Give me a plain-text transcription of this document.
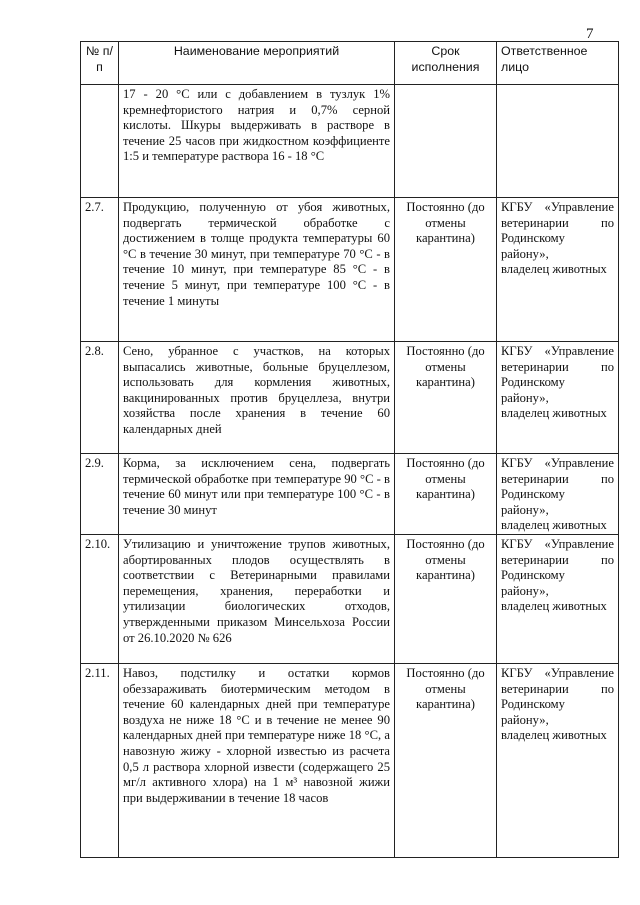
7
№ п/п	Наименование мероприятий	Срок исполнения	Ответственное лицо
	17 - 20 °С или с добавлением в тузлук 1% кремнефтористого натрия и 0,7% серной кислоты. Шкуры выдерживать в растворе в течение 25 часов при жидкостном коэффициенте 1:5 и температуре раствора 16 - 18 °С		

2.7.	Продукцию, полученную от убоя животных, подвергать термической обработке с достижением в толще продукта температуры 60 °С в течение 30 минут, при температуре 70 °С - в течение 10 минут, при температуре 85 °С - в течение 5 минут, при температуре 100 °С - в течение 1 минуты	Постоянно (до отмены карантина)	КГБУ «Управление ветеринарии по Родинскому району»,
владелец животных

2.8.	Сено, убранное с участков, на которых выпасались животные, больные бруцеллезом, использовать для кормления животных, вакцинированных против бруцеллеза, внутри хозяйства после хранения в течение 60 календарных дней	Постоянно (до отмены карантина)	КГБУ «Управление ветеринарии по Родинскому району»,
владелец животных

2.9.	Корма, за исключением сена, подвергать термической обработке при температуре 90 °С - в течение 60 минут или при температуре 100 °С - в течение 30 минут	Постоянно (до отмены карантина)	КГБУ «Управление ветеринарии по Родинскому району»,
владелец животных

2.10.	Утилизацию и уничтожение трупов животных, абортированных плодов осуществлять в соответствии с Ветеринарными правилами перемещения, хранения, переработки и утилизации биологических отходов, утвержденными приказом Минсельхоза России от 26.10.2020 № 626	Постоянно (до отмены карантина)	КГБУ «Управление ветеринарии по Родинскому району»,
владелец животных

2.11.	Навоз, подстилку и остатки кормов обеззараживать биотермическим методом в течение 60 календарных дней при температуре воздуха не ниже 18 °С и в течение не менее 90 календарных дней при температуре ниже 18 °С, а навозную жижу - хлорной известью из расчета 0,5 л раствора хлорной извести (содержащего 25 мг/л активного хлора) на 1 м³ навозной жижи при выдерживании в течение 18 часов	Постоянно (до отмены карантина)	КГБУ «Управление ветеринарии по Родинскому району»,
владелец животных
